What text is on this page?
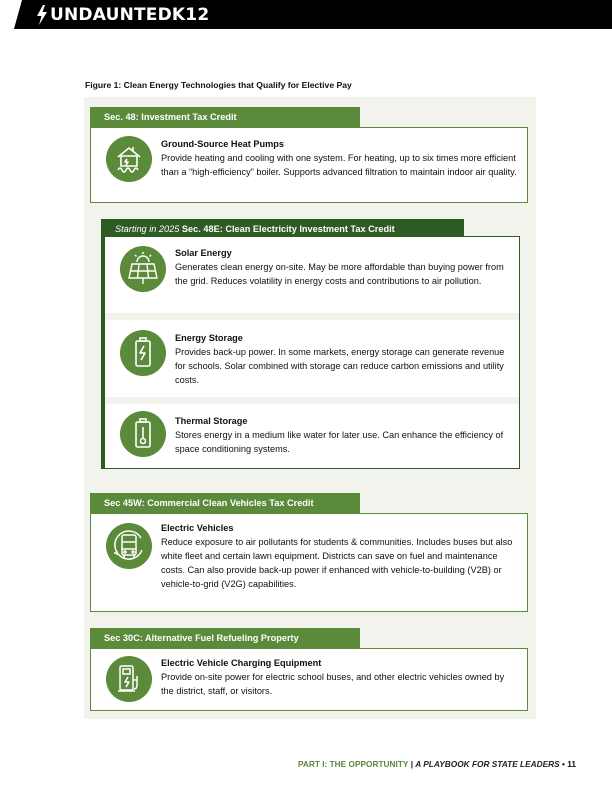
UNDAUNTEDK12
Figure 1: Clean Energy Technologies that Qualify for Elective Pay
Sec. 48: Investment Tax Credit
Ground-Source Heat Pumps
Provide heating and cooling with one system. For heating, up to six times more efficient than a “high-efficiency” boiler. Supports advanced filtration to maintain indoor air quality.
Starting in 2025 Sec. 48E: Clean Electricity Investment Tax Credit
Solar Energy
Generates clean energy on-site. May be more affordable than buying power from the grid. Reduces volatility in energy costs and contributions to air pollution.
Energy Storage
Provides back-up power. In some markets, energy storage can generate revenue for schools. Solar combined with storage can reduce carbon emissions and utility costs.
Thermal Storage
Stores energy in a medium like water for later use. Can enhance the efficiency of space conditioning systems.
Sec 45W: Commercial Clean Vehicles Tax Credit
Electric Vehicles
Reduce exposure to air pollutants for students & communities. Includes buses but also white fleet and certain lawn equipment. Districts can save on fuel and maintenance costs. Can also provide back-up power if enhanced with vehicle-to-building (V2B) or vehicle-to-grid (V2G) capabilities.
Sec 30C: Alternative Fuel Refueling Property
Electric Vehicle Charging Equipment
Provide on-site power for electric school buses, and other electric vehicles owned by the district, staff, or visitors.
PART I: THE OPPORTUNITY | A PLAYBOOK FOR STATE LEADERS • 11
